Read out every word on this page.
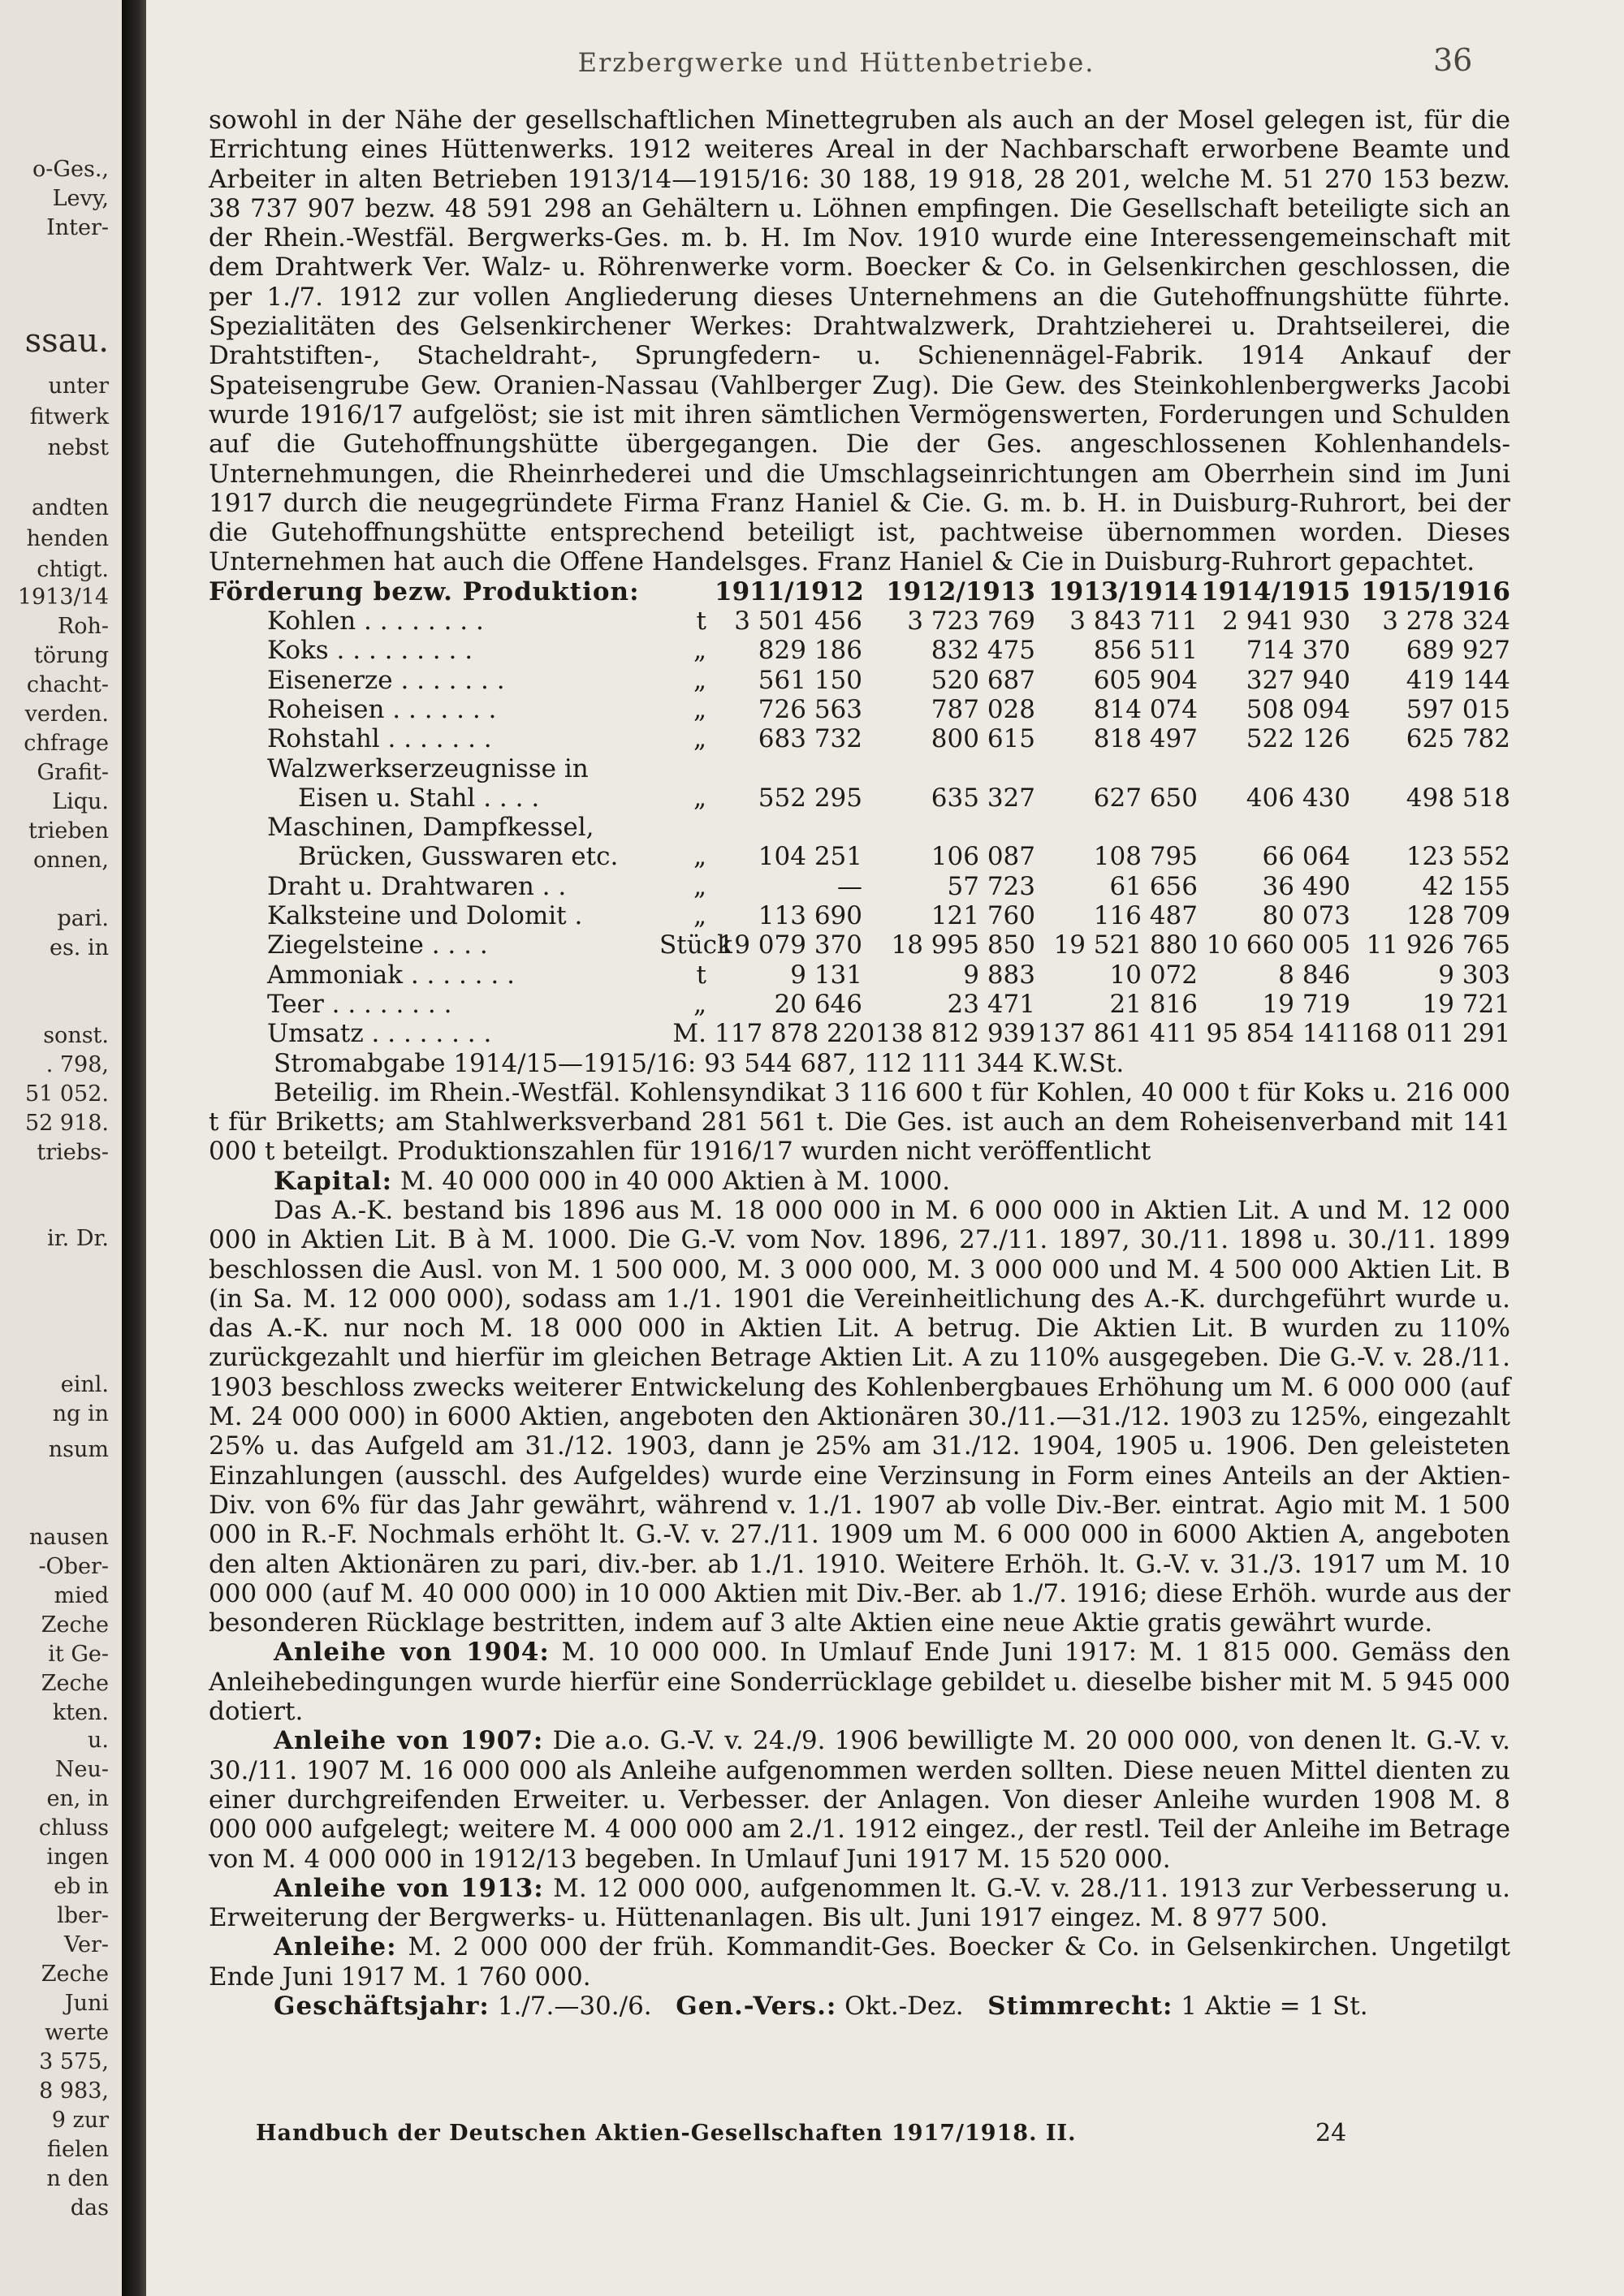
o-Ges.,
Levy,
Inter-
ssau.
unter
fitwerk
nebst
andten
henden
chtigt.
1913/14
Roh-
törung
chacht-
verden.
chfrage
Grafit-
Liqu.
trieben
onnen,
pari.
es. in
sonst.
. 798,
51 052.
52 918.
triebs-
ir. Dr.
einl.
ng in
nsum
nausen
-Ober-
mied
Zeche
it Ge-
Zeche
kten.
u.
Neu-
en, in
chluss
ingen
eb in
lber-
Ver-
Zeche
Juni
werte
3 575,
8 983,
9 zur
fielen
n den
das
Erzbergwerke und Hüttenbetriebe.	36

sowohl in der Nähe der gesellschaftlichen Minettegruben als auch an der Mosel gelegen ist, für die Errichtung eines Hüttenwerks. 1912 weiteres Areal in der Nachbarschaft erworbene Beamte und Arbeiter in alten Betrieben 1913/14—1915/16: 30 188, 19 918, 28 201, welche M. 51 270 153 bezw. 38 737 907 bezw. 48 591 298 an Gehältern u. Löhnen empfingen. Die Gesellschaft beteiligte sich an der Rhein.-Westfäl. Bergwerks-Ges. m. b. H. Im Nov. 1910 wurde eine Interessengemeinschaft mit dem Drahtwerk Ver. Walz- u. Röhrenwerke vorm. Boecker & Co. in Gelsenkirchen geschlossen, die per 1./7. 1912 zur vollen Angliederung dieses Unternehmens an die Gutehoffnungshütte führte. Spezialitäten des Gelsenkirchener Werkes: Drahtwalzwerk, Drahtzieherei u. Drahtseilerei, die Drahtstiften-, Stacheldraht-, Sprungfedern- u. Schienennägel-Fabrik. 1914 Ankauf der Spateisengrube Gew. Oranien-Nassau (Vahlberger Zug). Die Gew. des Steinkohlenbergwerks Jacobi wurde 1916/17 aufgelöst; sie ist mit ihren sämtlichen Vermögenswerten, Forderungen und Schulden auf die Gutehoffnungshütte übergegangen. Die der Ges. angeschlossenen Kohlenhandels-Unternehmungen, die Rheinrhederei und die Umschlagseinrichtungen am Oberrhein sind im Juni 1917 durch die neugegründete Firma Franz Haniel & Cie. G. m. b. H. in Duisburg-Ruhrort, bei der die Gutehoffnungshütte entsprechend beteiligt ist, pachtweise übernommen worden. Dieses Unternehmen hat auch die Offene Handelsges. Franz Haniel & Cie in Duisburg-Ruhrort gepachtet.

Förderung bezw. Produktion:		1911/1912	1912/1913	1913/1914	1914/1915	1915/1916
Kohlen . . . . . . . .	t	3 501 456	3 723 769	3 843 711	2 941 930	3 278 324
Koks . . . . . . . . .	„	829 186	832 475	856 511	714 370	689 927
Eisenerze . . . . . . .	„	561 150	520 687	605 904	327 940	419 144
Roheisen . . . . . . .	„	726 563	787 028	814 074	508 094	597 015
Rohstahl . . . . . . .	„	683 732	800 615	818 497	522 126	625 782
Walzwerkserzeugnisse in						
Eisen u. Stahl . . . .	„	552 295	635 327	627 650	406 430	498 518
Maschinen, Dampfkessel,						
Brücken, Gusswaren etc.	„	104 251	106 087	108 795	66 064	123 552
Draht u. Drahtwaren . .	„	—	57 723	61 656	36 490	42 155
Kalksteine und Dolomit .	„	113 690	121 760	116 487	80 073	128 709
Ziegelsteine . . . .	Stück	19 079 370	18 995 850	19 521 880	10 660 005	11 926 765
Ammoniak . . . . . . .	t	9 131	9 883	10 072	8 846	9 303
Teer . . . . . . . .	„	20 646	23 471	21 816	19 719	19 721
Umsatz . . . . . . . .	M.	117 878 220	138 812 939	137 861 411	95 854 141	168 011 291

Stromabgabe 1914/15—1915/16: 93 544 687, 112 111 344 K.W.St.

Beteilig. im Rhein.-Westfäl. Kohlensyndikat 3 116 600 t für Kohlen, 40 000 t für Koks u. 216 000 t für Briketts; am Stahlwerksverband 281 561 t. Die Ges. ist auch an dem Roheisenverband mit 141 000 t beteilgt. Produktionszahlen für 1916/17 wurden nicht veröffentlicht

Kapital: M. 40 000 000 in 40 000 Aktien à M. 1000.

Das A.-K. bestand bis 1896 aus M. 18 000 000 in M. 6 000 000 in Aktien Lit. A und M. 12 000 000 in Aktien Lit. B à M. 1000. Die G.-V. vom Nov. 1896, 27./11. 1897, 30./11. 1898 u. 30./11. 1899 beschlossen die Ausl. von M. 1 500 000, M. 3 000 000, M. 3 000 000 und M. 4 500 000 Aktien Lit. B (in Sa. M. 12 000 000), sodass am 1./1. 1901 die Vereinheitlichung des A.-K. durchgeführt wurde u. das A.-K. nur noch M. 18 000 000 in Aktien Lit. A betrug. Die Aktien Lit. B wurden zu 110% zurückgezahlt und hierfür im gleichen Betrage Aktien Lit. A zu 110% ausgegeben. Die G.-V. v. 28./11. 1903 beschloss zwecks weiterer Entwickelung des Kohlenbergbaues Erhöhung um M. 6 000 000 (auf M. 24 000 000) in 6000 Aktien, angeboten den Aktionären 30./11.—31./12. 1903 zu 125%, eingezahlt 25% u. das Aufgeld am 31./12. 1903, dann je 25% am 31./12. 1904, 1905 u. 1906. Den geleisteten Einzahlungen (ausschl. des Aufgeldes) wurde eine Verzinsung in Form eines Anteils an der Aktien-Div. von 6% für das Jahr gewährt, während v. 1./1. 1907 ab volle Div.-Ber. eintrat. Agio mit M. 1 500 000 in R.-F. Nochmals erhöht lt. G.-V. v. 27./11. 1909 um M. 6 000 000 in 6000 Aktien A, angeboten den alten Aktionären zu pari, div.-ber. ab 1./1. 1910. Weitere Erhöh. lt. G.-V. v. 31./3. 1917 um M. 10 000 000 (auf M. 40 000 000) in 10 000 Aktien mit Div.-Ber. ab 1./7. 1916; diese Erhöh. wurde aus der besonderen Rücklage bestritten, indem auf 3 alte Aktien eine neue Aktie gratis gewährt wurde.

Anleihe von 1904: M. 10 000 000. In Umlauf Ende Juni 1917: M. 1 815 000. Gemäss den Anleihebedingungen wurde hierfür eine Sonderrücklage gebildet u. dieselbe bisher mit M. 5 945 000 dotiert.

Anleihe von 1907: Die a.o. G.-V. v. 24./9. 1906 bewilligte M. 20 000 000, von denen lt. G.-V. v. 30./11. 1907 M. 16 000 000 als Anleihe aufgenommen werden sollten. Diese neuen Mittel dienten zu einer durchgreifenden Erweiter. u. Verbesser. der Anlagen. Von dieser Anleihe wurden 1908 M. 8 000 000 aufgelegt; weitere M. 4 000 000 am 2./1. 1912 eingez., der restl. Teil der Anleihe im Betrage von M. 4 000 000 in 1912/13 begeben. In Umlauf Juni 1917 M. 15 520 000.

Anleihe von 1913: M. 12 000 000, aufgenommen lt. G.-V. v. 28./11. 1913 zur Verbesserung u. Erweiterung der Bergwerks- u. Hüttenanlagen. Bis ult. Juni 1917 eingez. M. 8 977 500.

Anleihe: M. 2 000 000 der früh. Kommandit-Ges. Boecker & Co. in Gelsenkirchen. Ungetilgt Ende Juni 1917 M. 1 760 000.

Geschäftsjahr: 1./7.—30./6. Gen.-Vers.: Okt.-Dez. Stimmrecht: 1 Aktie = 1 St.

Handbuch der Deutschen Aktien-Gesellschaften 1917/1918. II.	24
